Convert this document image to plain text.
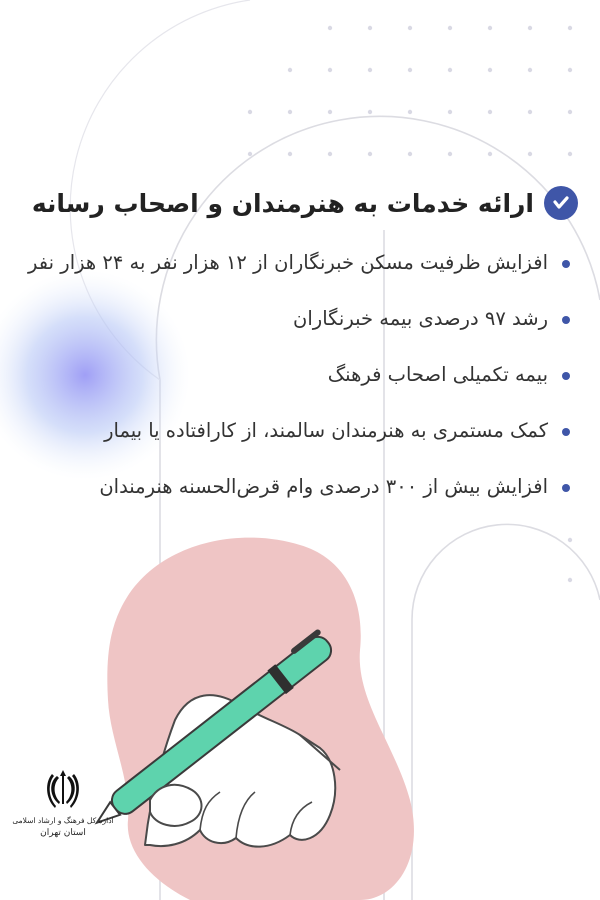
ارائه خدمات به هنرمندان و اصحاب رسانه
افزایش ظرفیت مسکن خبرنگاران از ۱۲ هزار نفر به ۲۴ هزار نفر
رشد ۹۷ درصدی بیمه خبرنگاران
بیمه تکمیلی اصحاب فرهنگ
کمک مستمری به هنرمندان سالمند، از کارافتاده یا بیمار
افزایش بیش از ۳۰۰ درصدی وام قرض‌الحسنه هنرمندان
اداره کل فرهنگ و ارشاد اسلامی
استان تهران
